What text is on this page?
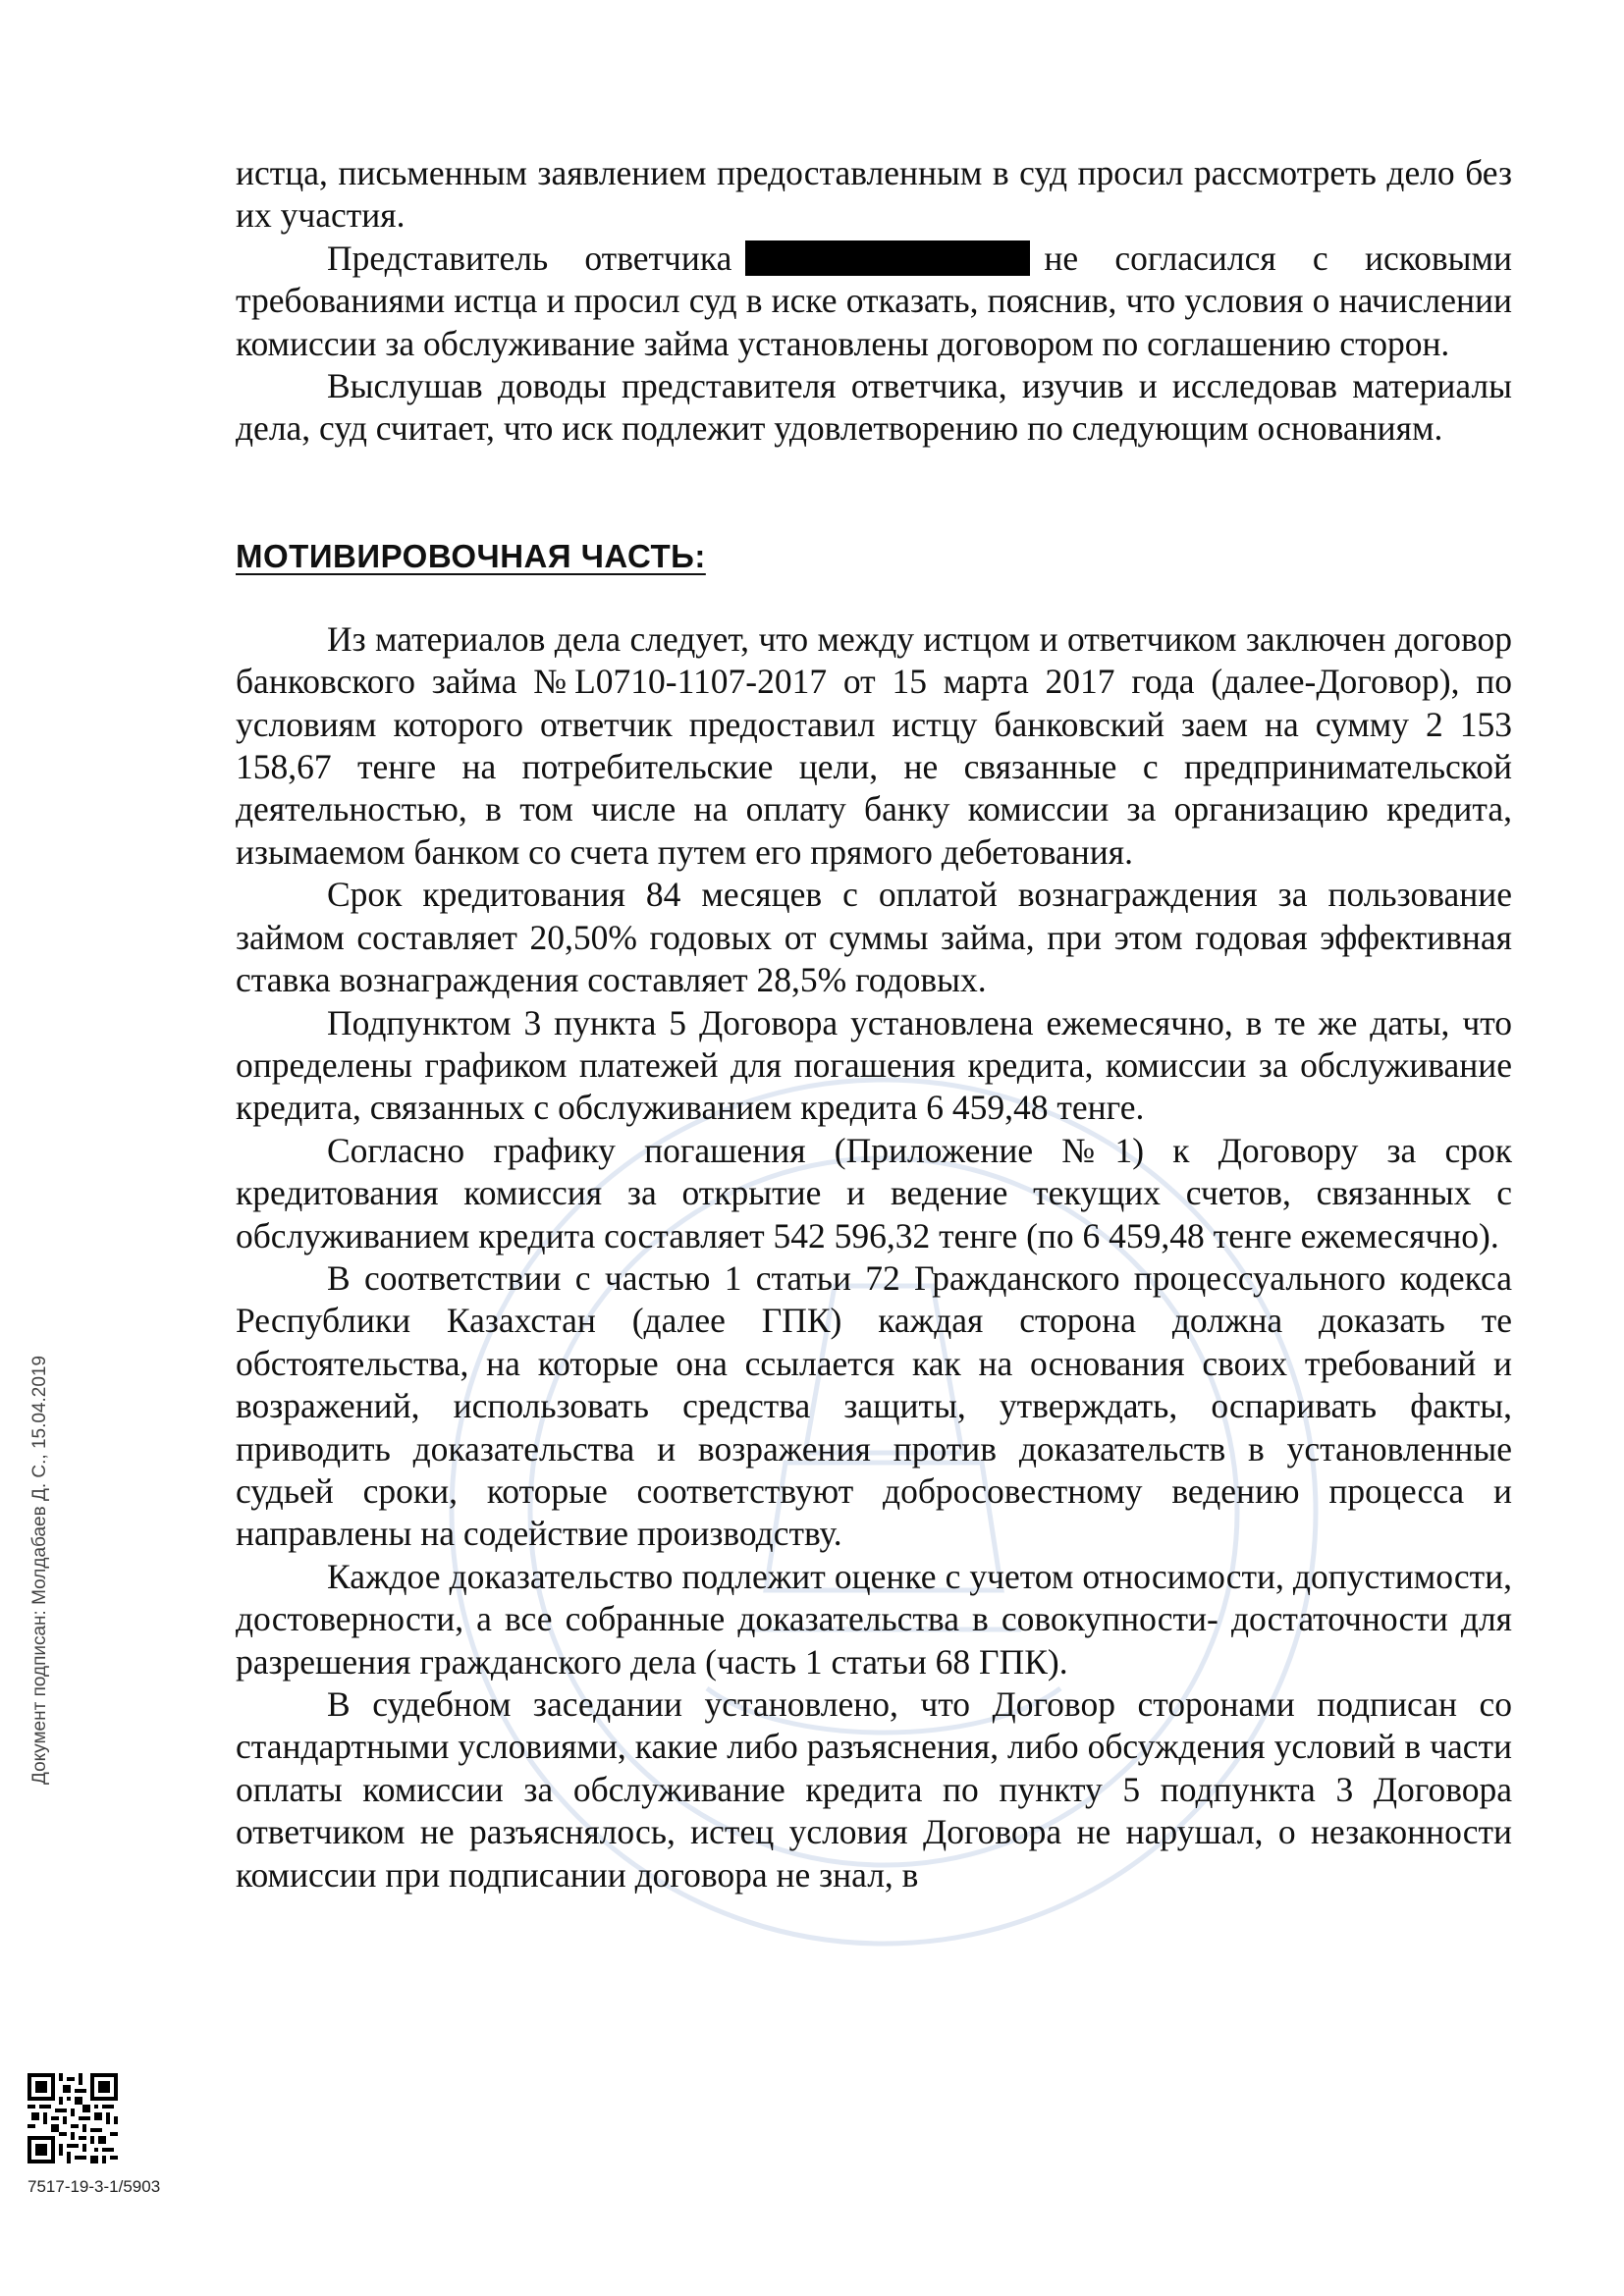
истца, письменным заявлением предоставленным в суд просил рассмотреть дело без их участия.

Представитель ответчика	не согласился с исковыми требованиями истца и просил суд в иске отказать, пояснив, что условия о начислении комиссии за обслуживание займа установлены договором по соглашению сторон.

Выслушав доводы представителя ответчика, изучив и исследовав материалы дела, суд считает, что иск подлежит удовлетворению по следующим основаниям.

МОТИВИРОВОЧНАЯ ЧАСТЬ:

Из материалов дела следует, что между истцом и ответчиком заключен договор банковского займа №L0710-1107-2017 от 15 марта 2017 года (далее-Договор), по условиям которого ответчик предоставил истцу банковский заем на сумму 2 153 158,67 тенге на потребительские цели, не связанные с предпринимательской деятельностью, в том числе на оплату банку комиссии за организацию кредита, изымаемом банком со счета путем его прямого дебетования.

Срок кредитования 84 месяцев с оплатой вознаграждения за пользование займом составляет 20,50% годовых от суммы займа, при этом годовая эффективная ставка вознаграждения составляет 28,5% годовых.

Подпунктом 3 пункта 5 Договора установлена ежемесячно, в те же даты, что определены графиком платежей для погашения кредита, комиссии за обслуживание кредита, связанных с обслуживанием кредита 6 459,48 тенге.

Согласно графику погашения (Приложение №1) к Договору за срок кредитования комиссия за открытие и ведение текущих счетов, связанных с обслуживанием кредита составляет 542 596,32 тенге (по 6 459,48 тенге ежемесячно).

В соответствии с частью 1 статьи 72 Гражданского процессуального кодекса Республики Казахстан (далее ГПК) каждая сторона должна доказать те обстоятельства, на которые она ссылается как на основания своих требований и возражений, использовать средства защиты, утверждать, оспаривать факты, приводить доказательства и возражения против доказательств в установленные судьей сроки, которые соответствуют добросовестному ведению процесса и направлены на содействие производству.

Каждое доказательство подлежит оценке с учетом относимости, допустимости, достоверности, а все собранные доказательства в совокупности- достаточности для разрешения гражданского дела (часть 1 статьи 68 ГПК).

В судебном заседании установлено, что Договор сторонами подписан со стандартными условиями, какие либо разъяснения, либо обсуждения условий в части оплаты комиссии за обслуживание кредита по пункту 5 подпункта 3 Договора ответчиком не разъяснялось, истец условия Договора не нарушал, о незаконности комиссии при подписании договора не знал, в

Документ подписан: Молдабаев Д. С., 15.04.2019
7517-19-3-1/5903
